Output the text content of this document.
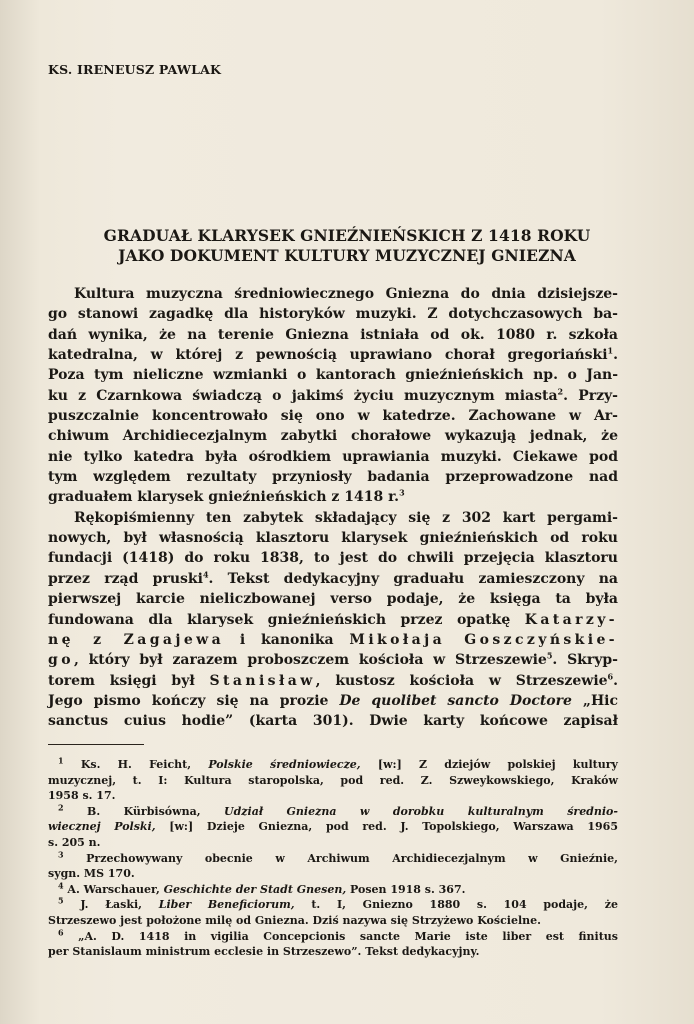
KS. IRENEUSZ PAWLAK
GRADUAŁ KLARYSEK GNIEŹNIEŃSKICH Z 1418 ROKU
JAKO DOKUMENT KULTURY MUZYCZNEJ GNIEZNA
Kultura muzyczna średniowiecznego Gniezna do dnia dzisiejsze-
go stanowi zagadkę dla historyków muzyki. Z dotychczasowych ba-
dań wynika, że na terenie Gniezna istniała od ok. 1080 r. szkoła
katedralna, w której z pewnością uprawiano chorał gregoriański$^1$.
Poza tym nieliczne wzmianki o kantorach gnieźnieńskich np. o Jan-
ku z Czarnkowa świadczą o jakimś życiu muzycznym miasta$^2$. Przy-
puszczalnie koncentrowało się ono w katedrze. Zachowane w Ar-
chiwum Archidiecezjalnym zabytki chorałowe wykazują jednak, że
nie tylko katedra była ośrodkiem uprawiania muzyki. Ciekawe pod
tym względem rezultaty przyniosły badania przeprowadzone nad
graduałem klarysek gnieźnieńskich z 1418 r.$^3$
Rękopiśmienny ten zabytek składający się z 302 kart pergami-
nowych, był własnością klasztoru klarysek gnieźnieńskich od roku
fundacji (1418) do roku 1838, to jest do chwili przejęcia klasztoru
przez rząd pruski$^4$. Tekst dedykacyjny graduału zamieszczony na
pierwszej karcie nieliczbowanej verso podaje, że księga ta była
fundowana dla klarysek gnieźnieńskich przez opatkę Katarzy-
nę z Zagajewa i kanonika Mikołaja Goszczyńskie-
go, który był zarazem proboszczem kościoła w Strzeszewie$^5$. Skryp-
torem księgi był Stanisław, kustosz kościoła w Strzeszewie$^6$.
Jego pismo kończy się na prozie De quolibet sancto Doctore „Hic
sanctus cuius hodie” (karta 301). Dwie karty końcowe zapisał
$^1$ Ks. H. Feicht, Polskie średniowiecze, [w:] Z dziejów polskiej kultury
muzycznej, t. I: Kultura staropolska, pod red. Z. Szweykowskiego, Kraków
1958 s. 17.
$^2$ B. Kürbisówna, Udział Gniezna w dorobku kulturalnym średnio-
wiecznej Polski, [w:] Dzieje Gniezna, pod red. J. Topolskiego, Warszawa 1965
s. 205 n.
$^3$ Przechowywany obecnie w Archiwum Archidiecezjalnym w Gnieźnie,
sygn. MS 170.
$^4$ A. Warschauer, Geschichte der Stadt Gnesen, Posen 1918 s. 367.
$^5$ J. Łaski, Liber Beneficiorum, t. I, Gniezno 1880 s. 104 podaje, że
Strzeszewo jest położone milę od Gniezna. Dziś nazywa się Strzyżewo Kościelne.
$^6$ „A. D. 1418 in vigilia Concepcionis sancte Marie iste liber est finitus
per Stanislaum ministrum ecclesie in Strzeszewo”. Tekst dedykacyjny.
